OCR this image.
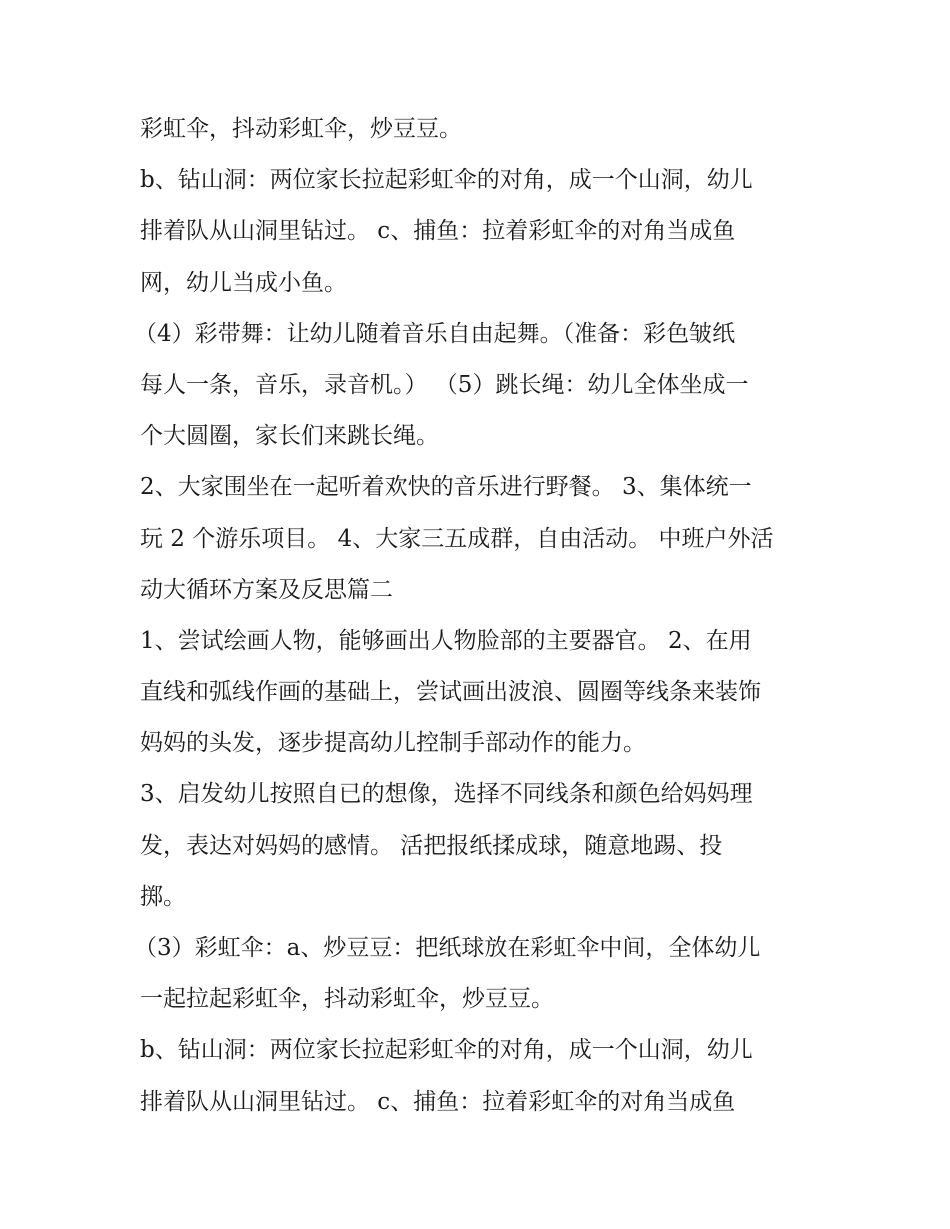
彩虹伞，抖动彩虹伞，炒豆豆。

b、钻山洞：两位家长拉起彩虹伞的对角，成一个山洞，幼儿

排着队从山洞里钻过。 c、捕鱼：拉着彩虹伞的对角当成鱼

网，幼儿当成小鱼。

（4）彩带舞：让幼儿随着音乐自由起舞。（准备：彩色皱纸

每人一条，音乐，录音机。） （5）跳长绳：幼儿全体坐成一

个大圆圈，家长们来跳长绳。

2、大家围坐在一起听着欢快的音乐进行野餐。 3、集体统一

玩 2 个游乐项目。 4、大家三五成群，自由活动。 中班户外活

动大循环方案及反思篇二

1、尝试绘画人物，能够画出人物脸部的主要器官。 2、在用

直线和弧线作画的基础上，尝试画出波浪、圆圈等线条来装饰

妈妈的头发，逐步提高幼儿控制手部动作的能力。

3、启发幼儿按照自已的想像，选择不同线条和颜色给妈妈理

发，表达对妈妈的感情。 活把报纸揉成球，随意地踢、投

掷。

（3）彩虹伞：a、炒豆豆：把纸球放在彩虹伞中间，全体幼儿

一起拉起彩虹伞，抖动彩虹伞，炒豆豆。

b、钻山洞：两位家长拉起彩虹伞的对角，成一个山洞，幼儿

排着队从山洞里钻过。 c、捕鱼：拉着彩虹伞的对角当成鱼
